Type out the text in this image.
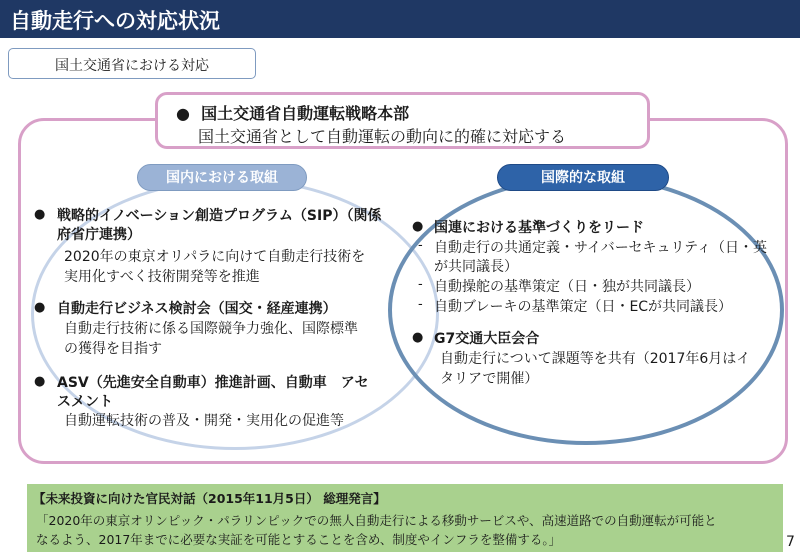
自動走行への対応状況
国土交通省における対応
● 国土交通省自動運転戦略本部
国土交通省として自動運転の動向に的確に対応する
国内における取組	国際的な取組
● 戦略的イノベーション創造プログラム（SIP）（関係
府省庁連携）
2020年の東京オリパラに向けて自動走行技術を
実用化すべく技術開発等を推進
● 自動走行ビジネス検討会（国交・経産連携）
自動走行技術に係る国際競争力強化、国際標準
の獲得を目指す
● ASV（先進安全自動車）推進計画、自動車　アセ
スメント
自動運転技術の普及・開発・実用化の促進等
● 国連における基準づくりをリード
- 自動走行の共通定義・サイバーセキュリティ（日・英
が共同議長）
- 自動操舵の基準策定（日・独が共同議長）
- 自動ブレーキの基準策定（日・ECが共同議長）
● G7交通大臣会合
自動走行について課題等を共有（2017年6月はイ
タリアで開催）
【未来投資に向けた官民対話（2015年11月5日） 総理発言】
「2020年の東京オリンピック・パラリンピックでの無人自動走行による移動サービスや、高速道路での自動運転が可能と
なるよう、2017年までに必要な実証を可能とすることを含め、制度やインフラを整備する。」	7
